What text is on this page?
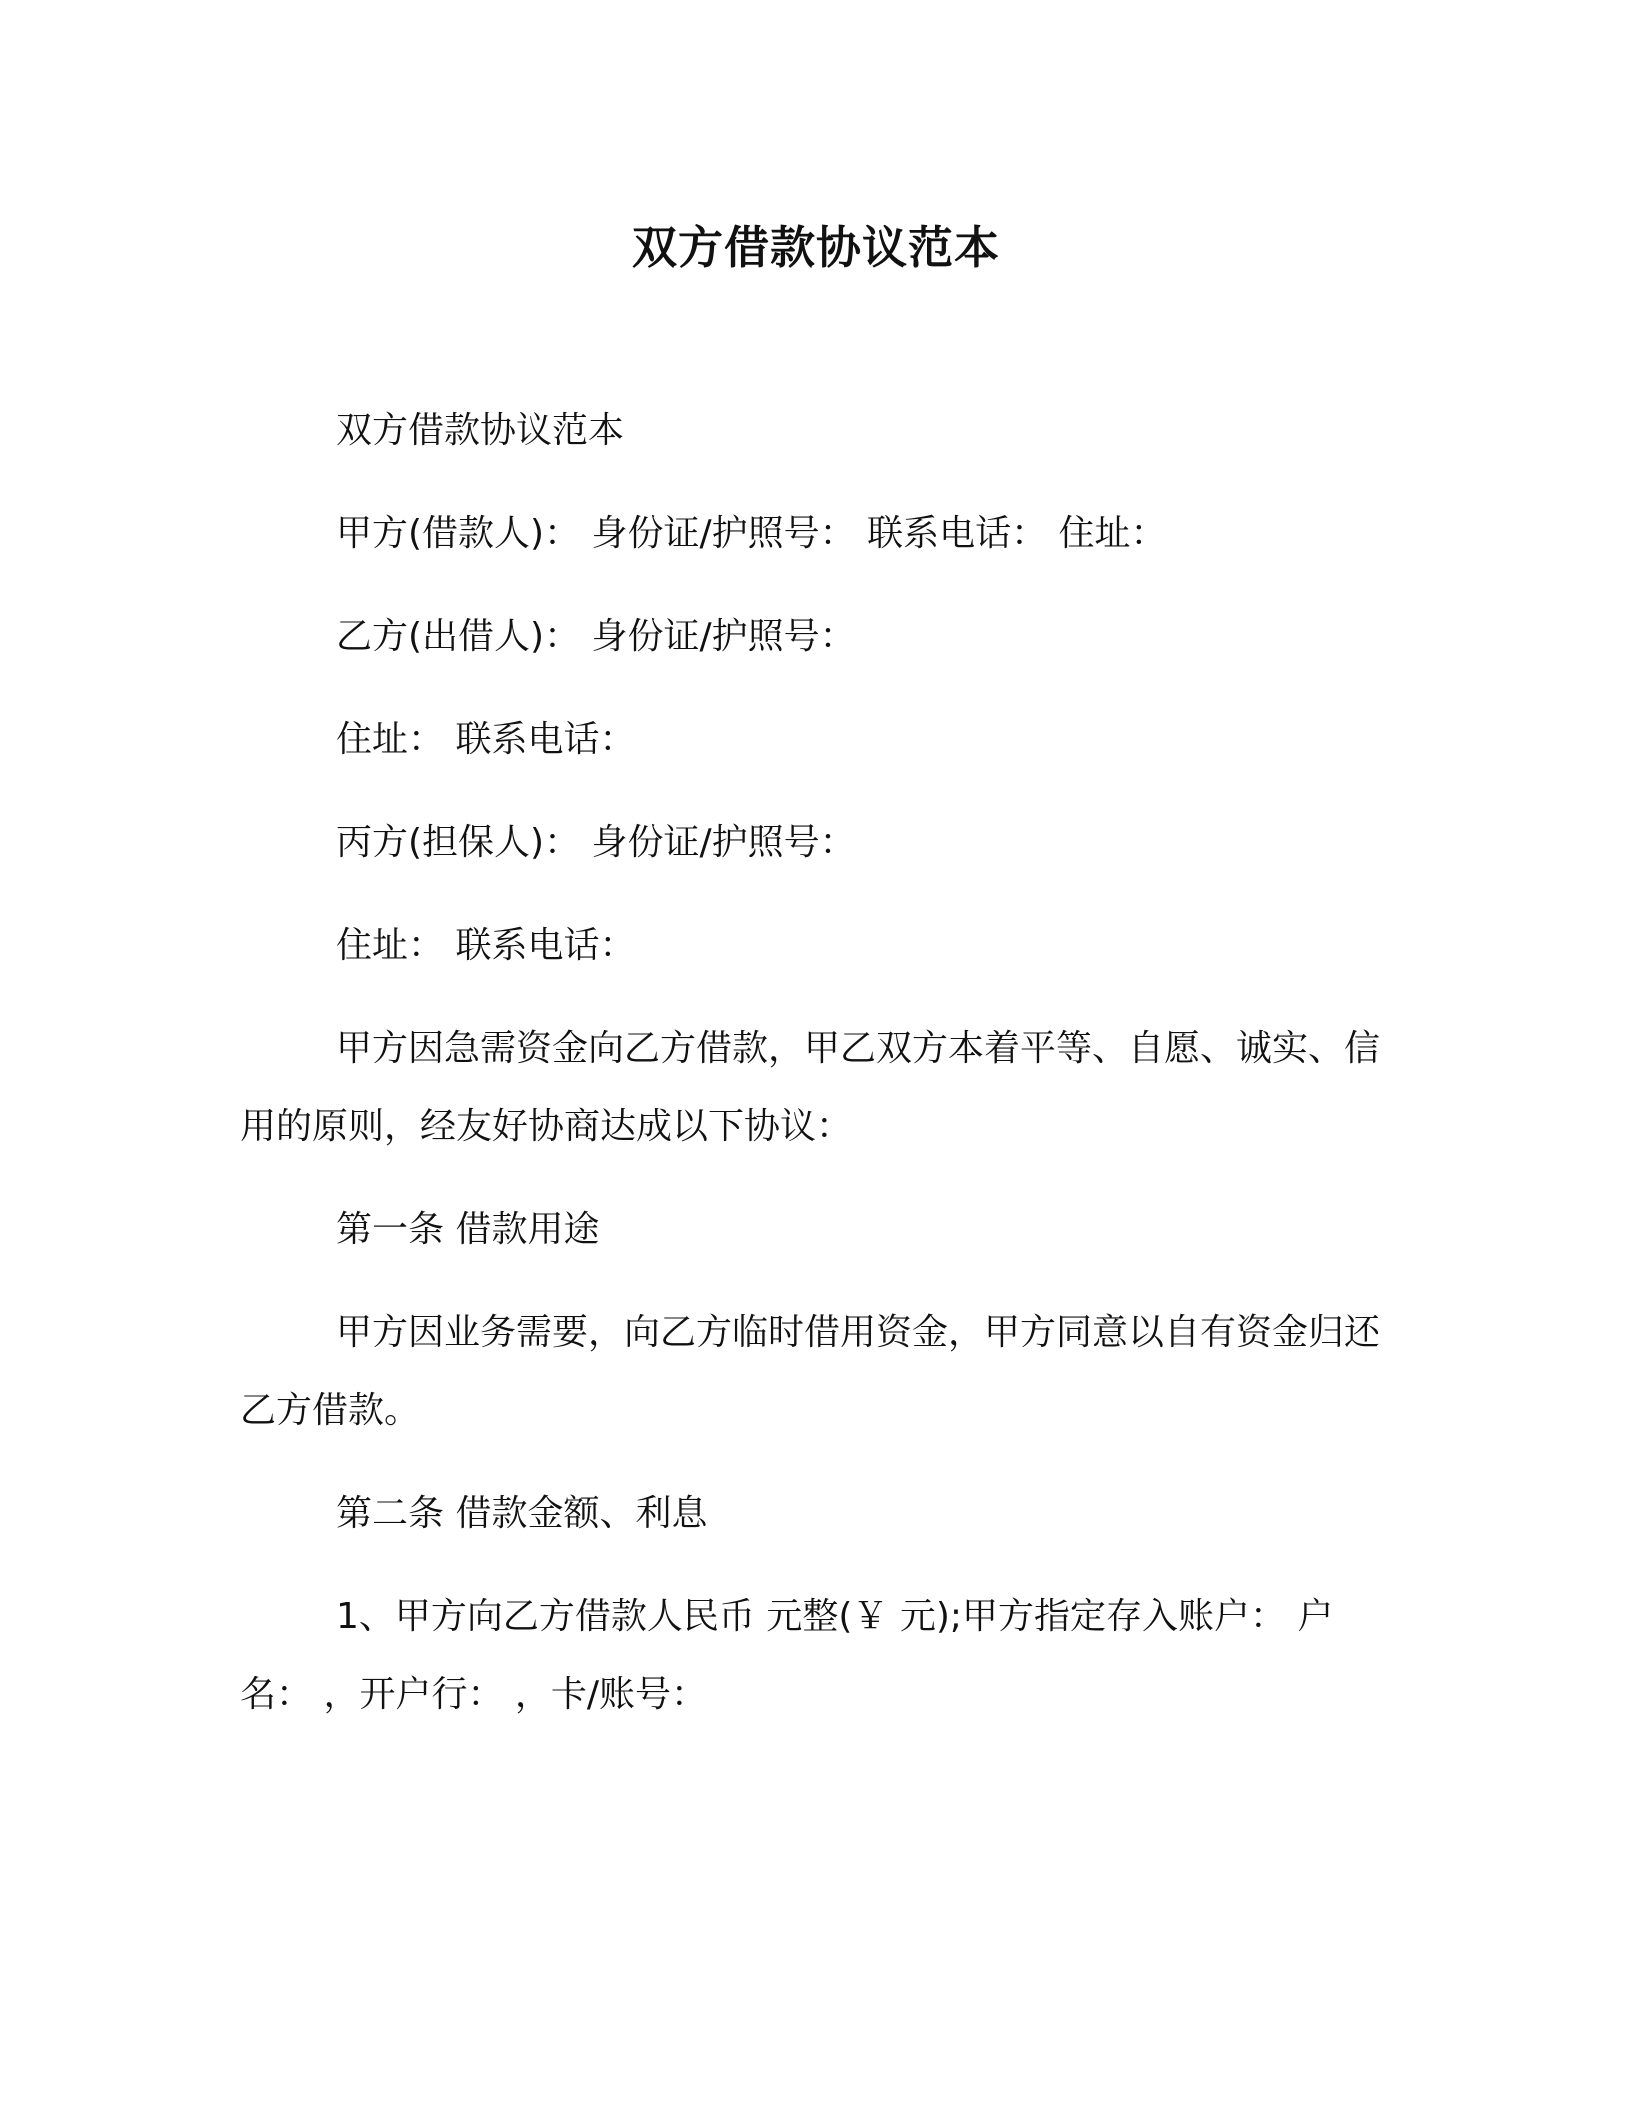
双方借款协议范本

双方借款协议范本

甲方(借款人)： 身份证/护照号： 联系电话： 住址：

乙方(出借人)： 身份证/护照号：

住址： 联系电话：

丙方(担保人)： 身份证/护照号：

住址： 联系电话：

甲方因急需资金向乙方借款，甲乙双方本着平等、自愿、诚实、信用的原则，经友好协商达成以下协议：

第一条 借款用途

甲方因业务需要，向乙方临时借用资金，甲方同意以自有资金归还乙方借款。

第二条 借款金额、利息

1、甲方向乙方借款人民币 元整(￥ 元);甲方指定存入账户： 户名： ，开户行： ，卡/账号：
